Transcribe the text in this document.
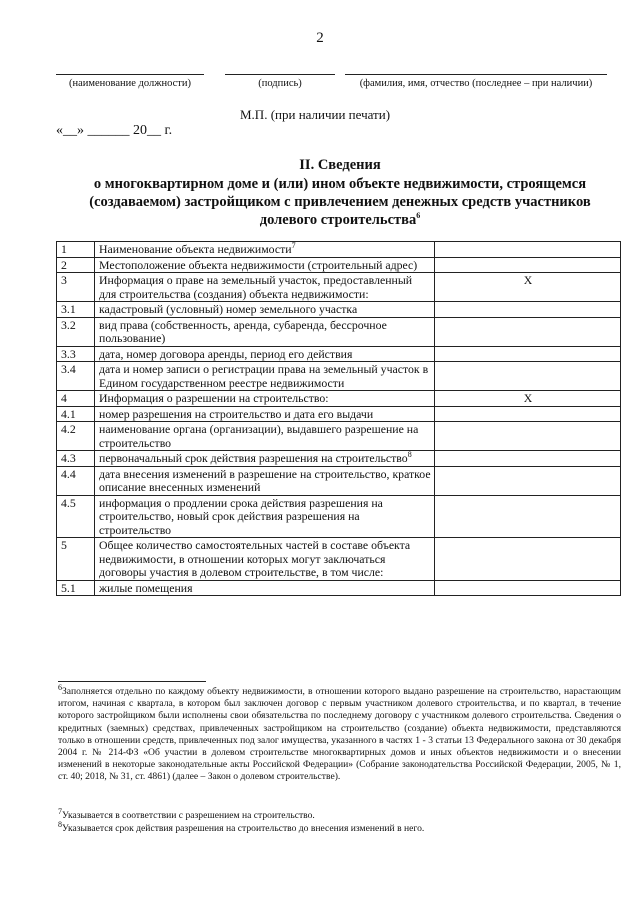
2
(наименование должности)	(подпись)	(фамилия, имя, отчество (последнее – при наличии)
М.П. (при наличии печати)
«__» ______ 20__ г.
II. Сведения
о многоквартирном доме и (или) ином объекте недвижимости, строящемся
(создаваемом) застройщиком с привлечением денежных средств участников
долевого строительства$^6$
1	Наименование объекта недвижимости$^7$	
2	Местоположение объекта недвижимости (строительный адрес)	
3	Информация о праве на земельный участок, предоставленный для строительства (создания) объекта недвижимости:	X
3.1	кадастровый (условный) номер земельного участка	
3.2	вид права (собственность, аренда, субаренда, бессрочное пользование)	
3.3	дата, номер договора аренды, период его действия	
3.4	дата и номер записи о регистрации права на земельный участок в Едином государственном реестре недвижимости	
4	Информация о разрешении на строительство:	X
4.1	номер разрешения на строительство и дата его выдачи	
4.2	наименование органа (организации), выдавшего разрешение на строительство	
4.3	первоначальный срок действия разрешения на строительство$^8$	
4.4	дата внесения изменений в разрешение на строительство, краткое описание внесенных изменений	
4.5	информация о продлении срока действия разрешения на строительство, новый срок действия разрешения на строительство	
5	Общее количество самостоятельных частей в составе объекта недвижимости, в отношении которых могут заключаться договоры участия в долевом строительстве, в том числе:	
5.1	жилые помещения	

$^6$Заполняется отдельно по каждому объекту недвижимости, в отношении которого выдано разрешение на строительство, нарастающим итогом, начиная с квартала, в котором был заключен договор с первым участником долевого строительства, и по квартал, в течение которого застройщиком были исполнены свои обязательства по последнему договору с участником долевого строительства. Сведения о кредитных (заемных) средствах, привлеченных застройщиком на строительство (создание) объекта недвижимости, представляются только в отношении средств, привлеченных под залог имущества, указанного в частях 1 - 3 статьи 13 Федерального закона от 30 декабря 2004 г. № 214-ФЗ «Об участии в долевом строительстве многоквартирных домов и иных объектов недвижимости и о внесении изменений в некоторые законодательные акты Российской Федерации» (Собрание законодательства Российской Федерации, 2005, № 1, ст. 40; 2018, № 31, ст. 4861) (далее – Закон о долевом строительстве).

$^7$Указывается в соответствии с разрешением на строительство.

$^8$Указывается срок действия разрешения на строительство до внесения изменений в него.
